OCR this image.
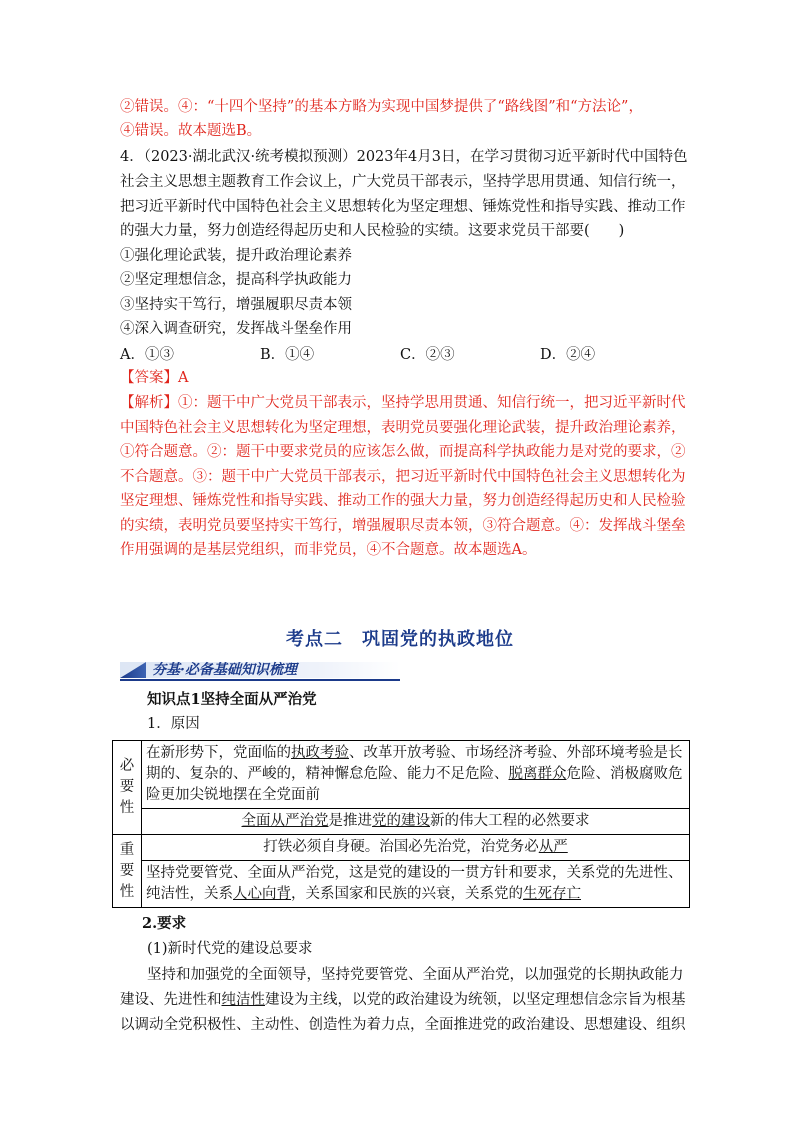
②错误。④：“十四个坚持”的基本方略为实现中国梦提供了“路线图”和“方法论”，
④错误。故本题选B。
4．（2023·湖北武汉·统考模拟预测）2023年4月3日，在学习贯彻习近平新时代中国特色
社会主义思想主题教育工作会议上，广大党员干部表示，坚持学思用贯通、知信行统一，
把习近平新时代中国特色社会主义思想转化为坚定理想、锤炼党性和指导实践、推动工作
的强大力量，努力创造经得起历史和人民检验的实绩。这要求党员干部要(　　)
①强化理论武装，提升政治理论素养
②坚定理想信念，提高科学执政能力
③坚持实干笃行，增强履职尽责本领
④深入调查研究，发挥战斗堡垒作用
A．①③	B．①④	C．②③	D．②④
【答案】A
【解析】①：题干中广大党员干部表示，坚持学思用贯通、知信行统一，把习近平新时代
中国特色社会主义思想转化为坚定理想，表明党员要强化理论武装，提升政治理论素养，
①符合题意。②：题干中要求党员的应该怎么做，而提高科学执政能力是对党的要求，②
不合题意。③：题干中广大党员干部表示，把习近平新时代中国特色社会主义思想转化为
坚定理想、锤炼党性和指导实践、推动工作的强大力量，努力创造经得起历史和人民检验
的实绩，表明党员要坚持实干笃行，增强履职尽责本领，③符合题意。④：发挥战斗堡垒
作用强调的是基层党组织，而非党员，④不合题意。故本题选A。
考点二　巩固党的执政地位
夯基·必备基础知识梳理
知识点1坚持全面从严治党
1．原因
必要性	在新形势下，党面临的执政考验、改革开放考验、市场经济考验、外部环境考验是长期的、复杂的、严峻的，精神懈怠危险、能力不足危险、脱离群众危险、消极腐败危险更加尖锐地摆在全党面前
	全面从严治党是推进党的建设新的伟大工程的必然要求
重要性	打铁必须自身硬。治国必先治党，治党务必从严
	坚持党要管党、全面从严治党，这是党的建设的一贯方针和要求，关系党的先进性、纯洁性，关系人心向背，关系国家和民族的兴衰，关系党的生死存亡
2.要求
(1)新时代党的建设总要求
坚持和加强党的全面领导，坚持党要管党、全面从严治党，以加强党的长期执政能力
建设、先进性和纯洁性建设为主线，以党的政治建设为统领，以坚定理想信念宗旨为根基
以调动全党积极性、主动性、创造性为着力点，全面推进党的政治建设、思想建设、组织
